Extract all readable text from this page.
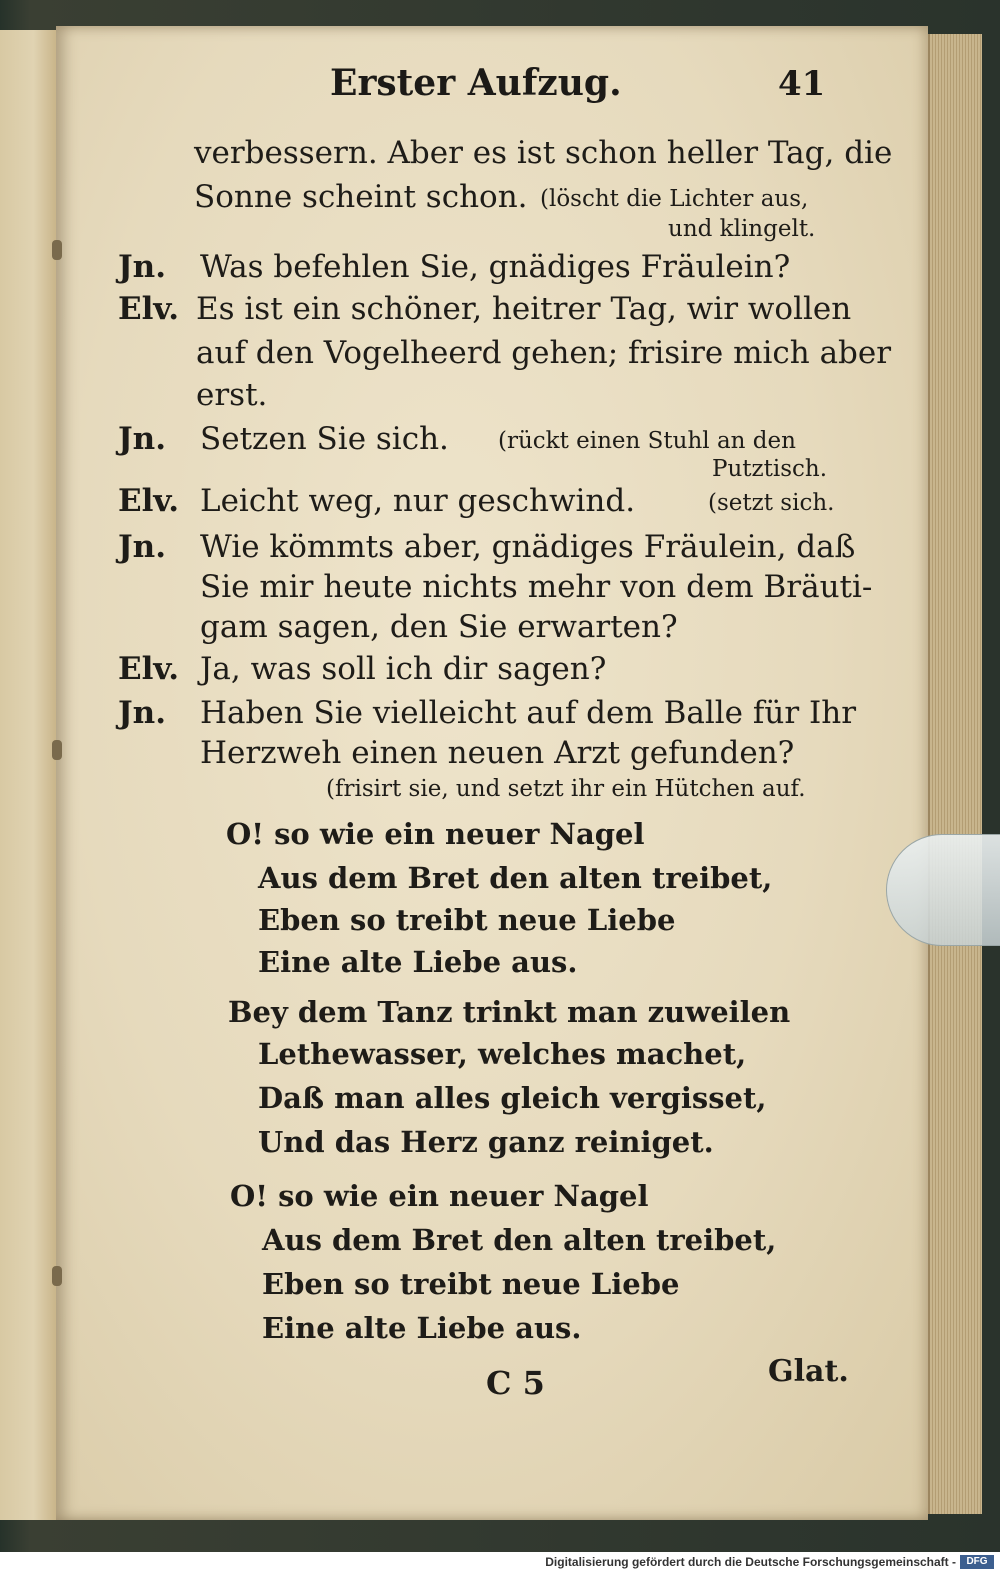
Erster Aufzug.	41
verbessern. Aber es ist schon heller Tag, die
Sonne scheint schon. (löscht die Lichter aus,
und klingelt.
Jn. Was befehlen Sie, gnädiges Fräulein?
Elv. Es ist ein schöner, heitrer Tag, wir wollen
auf den Vogelheerd gehen; frisire mich aber
erst.
Jn. Setzen Sie sich. (rückt einen Stuhl an den
Putztisch.
Elv. Leicht weg, nur geschwind.	(setzt sich.
Jn. Wie kömmts aber, gnädiges Fräulein, daß
Sie mir heute nichts mehr von dem Bräuti-
gam sagen, den Sie erwarten?
Elv. Ja, was soll ich dir sagen?
Jn. Haben Sie vielleicht auf dem Balle für Ihr
Herzweh einen neuen Arzt gefunden?
(frisirt sie, und setzt ihr ein Hütchen auf.
O! so wie ein neuer Nagel
Aus dem Bret den alten treibet,
Eben so treibt neue Liebe
Eine alte Liebe aus.
Bey dem Tanz trinkt man zuweilen
Lethewasser, welches machet,
Daß man alles gleich vergisset,
Und das Herz ganz reiniget.
O! so wie ein neuer Nagel
Aus dem Bret den alten treibet,
Eben so treibt neue Liebe
Eine alte Liebe aus.
C 5	Glat.
Digitalisierung gefördert durch die Deutsche Forschungsgemeinschaft -	DFG
